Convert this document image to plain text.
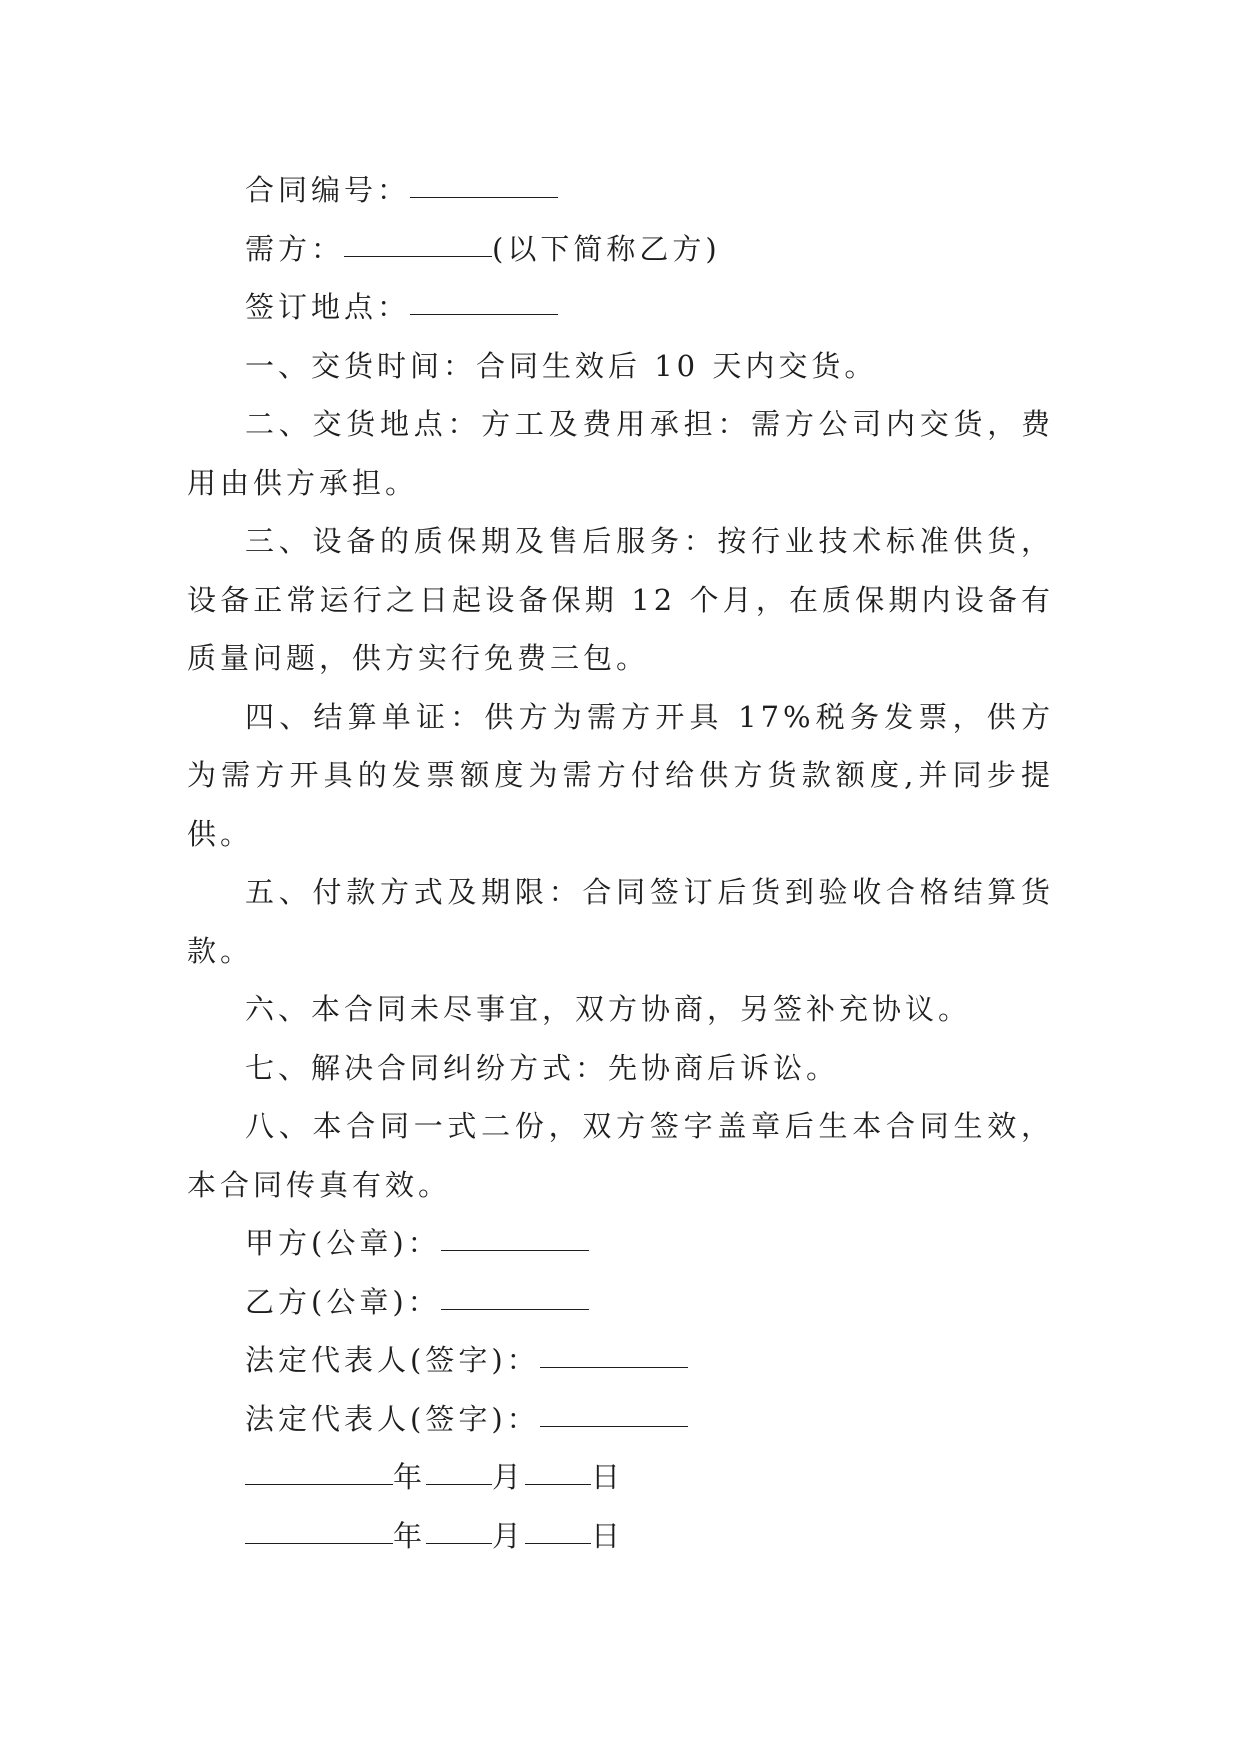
合同编号：

需方：	(以下简称乙方)

签订地点：

一、交货时间：合同生效后 10 天内交货。

二、交货地点：方工及费用承担：需方公司内交货，费用由供方承担。

三、设备的质保期及售后服务：按行业技术标准供货，设备正常运行之日起设备保期 12 个月，在质保期内设备有质量问题，供方实行免费三包。

四、结算单证：供方为需方开具 17%税务发票，供方为需方开具的发票额度为需方付给供方货款额度,并同步提供。

五、付款方式及期限：合同签订后货到验收合格结算货款。

六、本合同未尽事宜，双方协商，另签补充协议。

七、解决合同纠纷方式：先协商后诉讼。

八、本合同一式二份，双方签字盖章后生本合同生效，本合同传真有效。

甲方(公章)：

乙方(公章)：

法定代表人(签字)：

法定代表人(签字)：

年 月 日

年 月 日
